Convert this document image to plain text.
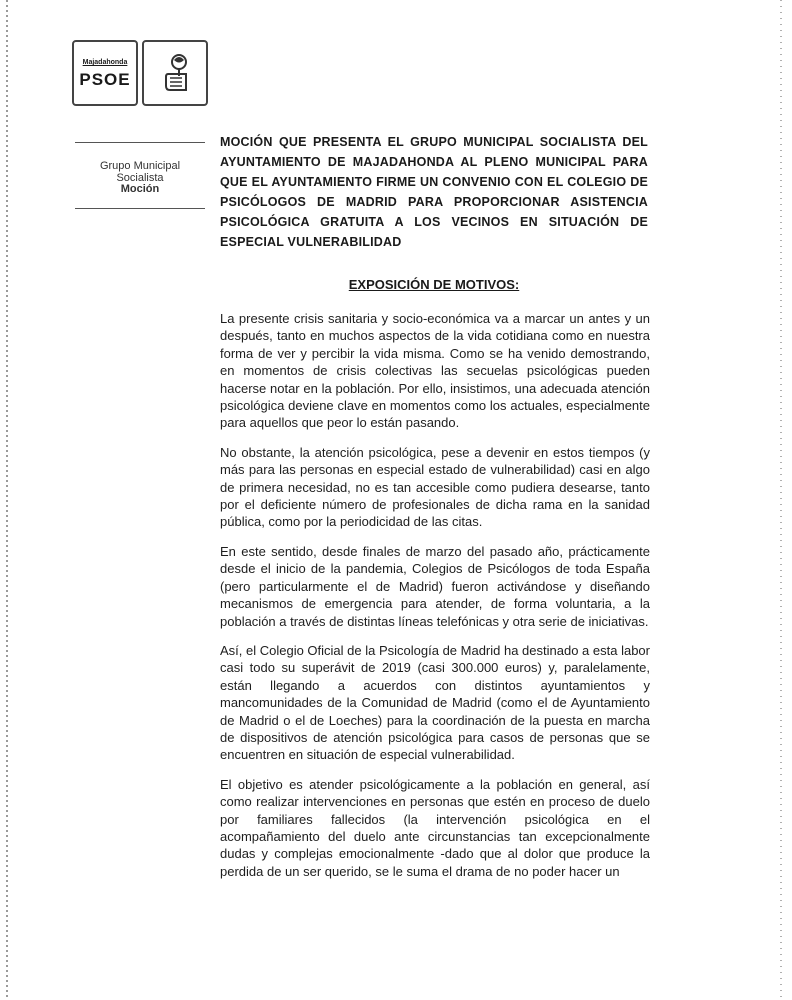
Majadahonda
PSOE
Grupo Municipal Socialista
Moción
MOCIÓN QUE PRESENTA EL GRUPO MUNICIPAL SOCIALISTA DEL AYUNTAMIENTO DE MAJADAHONDA AL PLENO MUNICIPAL PARA QUE EL AYUNTAMIENTO FIRME UN CONVENIO CON EL COLEGIO DE PSICÓLOGOS DE MADRID PARA PROPORCIONAR ASISTENCIA PSICOLÓGICA GRATUITA A LOS VECINOS EN SITUACIÓN DE ESPECIAL VULNERABILIDAD
EXPOSICIÓN DE MOTIVOS:

La presente crisis sanitaria y socio-económica va a marcar un antes y un después, tanto en muchos aspectos de la vida cotidiana como en nuestra forma de ver y percibir la vida misma. Como se ha venido demostrando, en momentos de crisis colectivas las secuelas psicológicas pueden hacerse notar en la población. Por ello, insistimos, una adecuada atención psicológica deviene clave en momentos como los actuales, especialmente para aquellos que peor lo están pasando.

No obstante, la atención psicológica, pese a devenir en estos tiempos (y más para las personas en especial estado de vulnerabilidad) casi en algo de primera necesidad, no es tan accesible como pudiera desearse, tanto por el deficiente número de profesionales de dicha rama en la sanidad pública, como por la periodicidad de las citas.

En este sentido, desde finales de marzo del pasado año, prácticamente desde el inicio de la pandemia, Colegios de Psicólogos de toda España (pero particularmente el de Madrid) fueron activándose y diseñando mecanismos de emergencia para atender, de forma voluntaria, a la población a través de distintas líneas telefónicas y otra serie de iniciativas.

Así, el Colegio Oficial de la Psicología de Madrid ha destinado a esta labor casi todo su superávit de 2019 (casi 300.000 euros) y, paralelamente, están llegando a acuerdos con distintos ayuntamientos y mancomunidades de la Comunidad de Madrid (como el de Ayuntamiento de Madrid o el de Loeches) para la coordinación de la puesta en marcha de dispositivos de atención psicológica para casos de personas que se encuentren en situación de especial vulnerabilidad.

El objetivo es atender psicológicamente a la población en general, así como realizar intervenciones en personas que estén en proceso de duelo por familiares fallecidos (la intervención psicológica en el acompañamiento del duelo ante circunstancias tan excepcionalmente dudas y complejas emocionalmente -dado que al dolor que produce la perdida de un ser querido, se le suma el drama de no poder hacer un
